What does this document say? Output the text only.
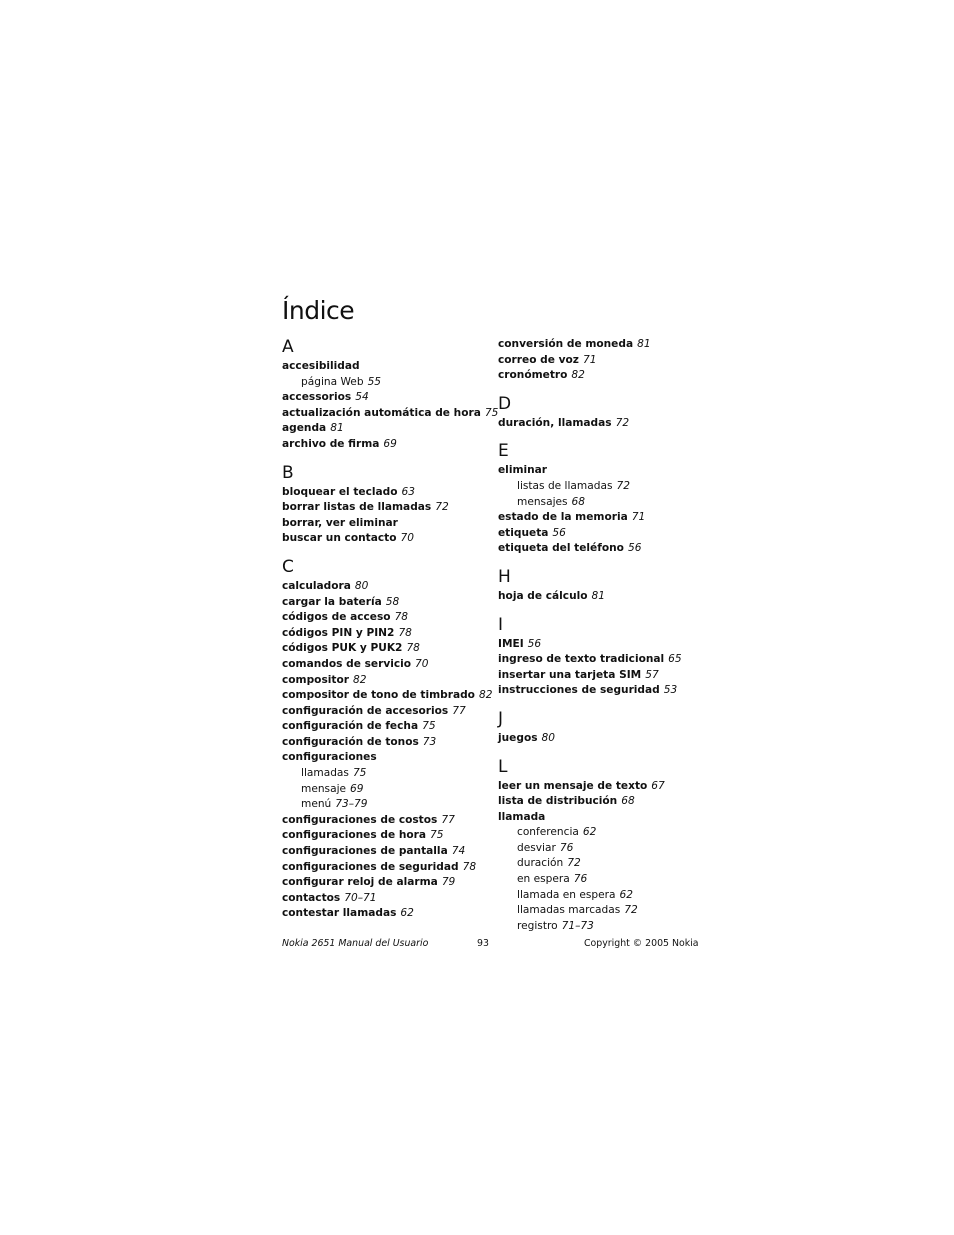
Índice
A
accesibilidad
página Web 55
accessorios 54
actualización automática de hora 75
agenda 81
archivo de firma 69
B
bloquear el teclado 63
borrar listas de llamadas 72
borrar, ver eliminar
buscar un contacto 70
C
calculadora 80
cargar la batería 58
códigos de acceso 78
códigos PIN y PIN2 78
códigos PUK y PUK2 78
comandos de servicio 70
compositor 82
compositor de tono de timbrado 82
configuración de accesorios 77
configuración de fecha 75
configuración de tonos 73
configuraciones
llamadas 75
mensaje 69
menú 73–79
configuraciones de costos 77
configuraciones de hora 75
configuraciones de pantalla 74
configuraciones de seguridad 78
configurar reloj de alarma 79
contactos 70–71
contestar llamadas 62
conversión de moneda 81
correo de voz 71
cronómetro 82
D
duración, llamadas 72
E
eliminar
listas de llamadas 72
mensajes 68
estado de la memoria 71
etiqueta 56
etiqueta del teléfono 56
H
hoja de cálculo 81
I
IMEI 56
ingreso de texto tradicional 65
insertar una tarjeta SIM 57
instrucciones de seguridad 53
J
juegos 80
L
leer un mensaje de texto 67
lista de distribución 68
llamada
conferencia 62
desviar 76
duración 72
en espera 76
llamada en espera 62
llamadas marcadas 72
registro 71–73
Nokia 2651 Manual del Usuario	93	Copyright © 2005 Nokia
